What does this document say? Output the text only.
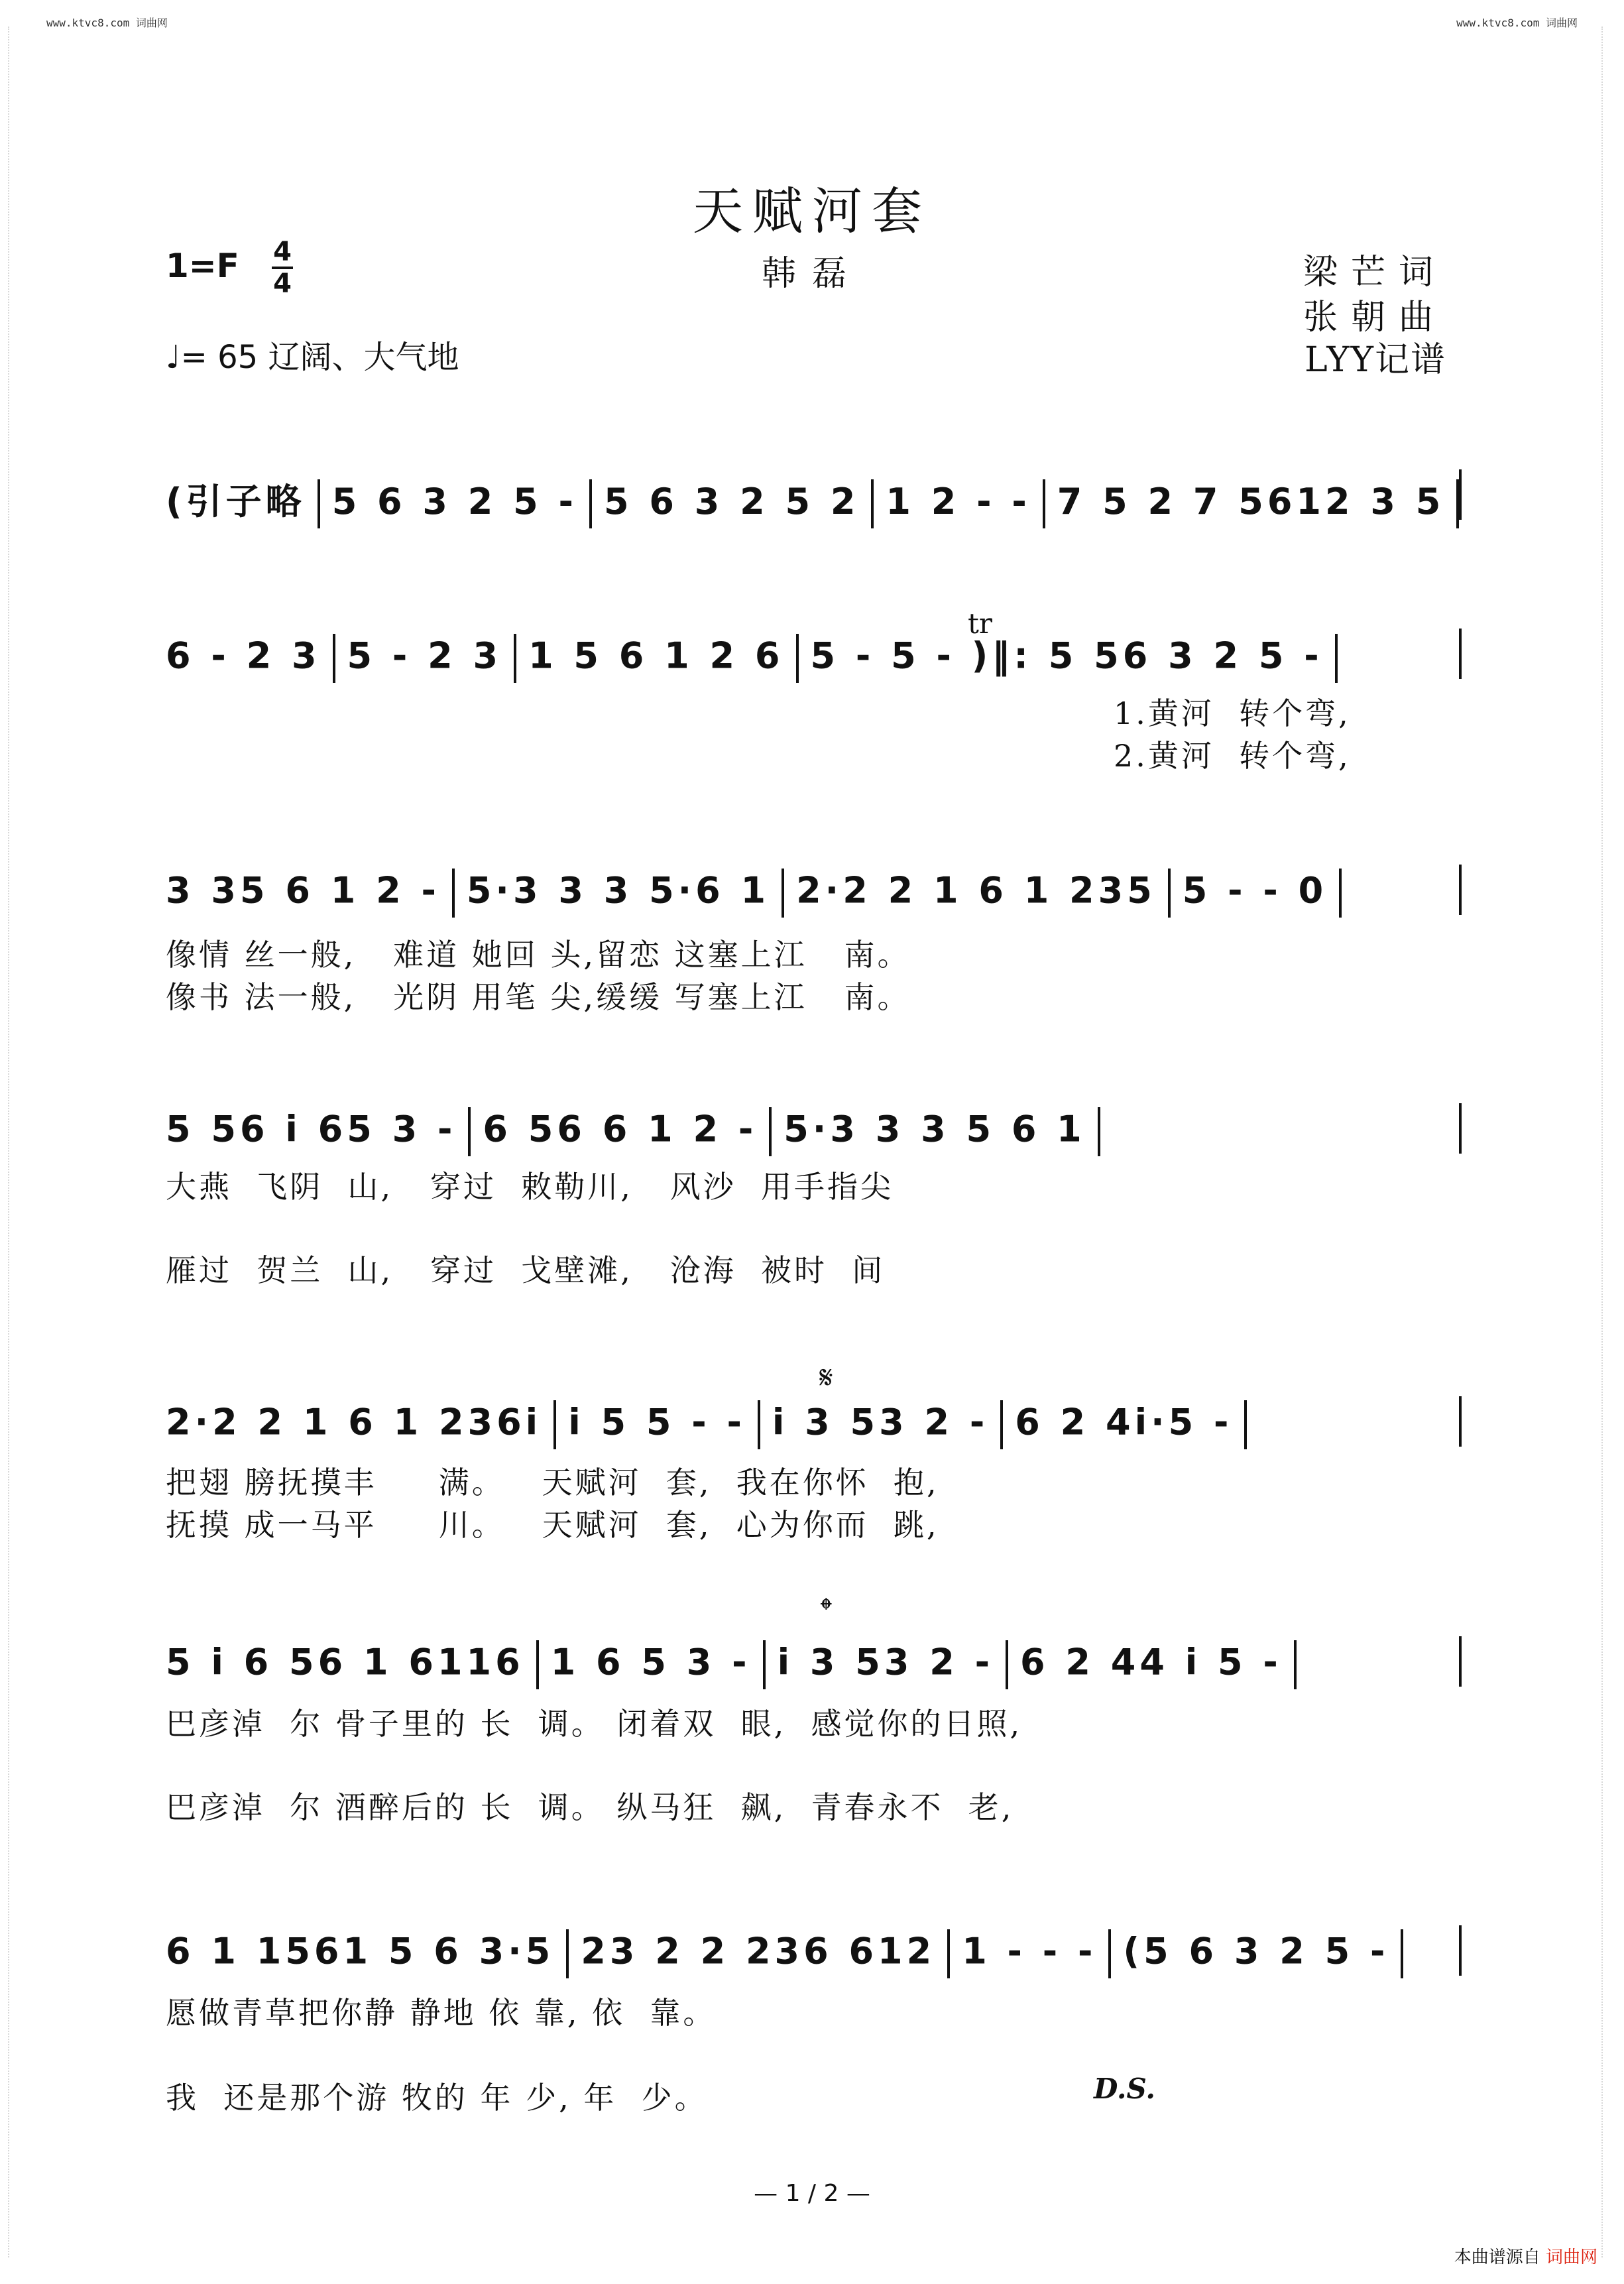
www.ktvc8.com 词曲网	www.ktvc8.com 词曲网
天赋河套
韩磊
1=F 4
4
♩= 65 辽阔、大气地
梁芒词
张朝曲
LYY记谱
(引子略 5 6 3 2 5 - 5 6 3 2 5 2 1 2 - - 7 5 2 7 5612 3 5
tr
6 - 2 3 5 - 2 3 1 5 6 1 2 6 5 - 5 - )‖: 5 56 3 2 5 -
1.黄河  转个弯,
2.黄河  转个弯,
3 35 6 1 2 - 5·3 3 3 5·6 1 2·2 2 1 6 1 235 5 - - 0
像情 丝一般,   难道 她回 头,留恋 这塞上江   南。
像书 法一般,   光阴 用笔 尖,缓缓 写塞上江   南。
5 56 i 65 3 - 6 56 6 1 2 - 5·3 3 3 5 6 1
大燕  飞阴  山,   穿过  敕勒川,   风沙  用手指尖
雁过  贺兰  山,   穿过  戈壁滩,   沧海  被时  间
𝄋
2·2 2 1 6 1 236i i 5 5 - - i 3 53 2 - 6 2 4i·5 -
把翅 膀抚摸丰     满。   天赋河  套,  我在你怀  抱,
抚摸 成一马平     川。   天赋河  套,  心为你而  跳,
𝄌
5 i 6 56 1 6116 1 6 5 3 - i 3 53 2 - 6 2 44 i 5 -
巴彦淖  尔 骨子里的 长  调。 闭着双  眼,  感觉你的日照,
巴彦淖  尔 酒醉后的 长  调。 纵马狂  飙,  青春永不  老,
6 1 1561 5 6 3·5 23 2 2 236 612 1 - - - (5 6 3 2 5 -
愿做青草把你静 静地 依 靠, 依  靠。
我  还是那个游 牧的 年 少, 年  少。	D.S.
— 1 / 2 —
本曲谱源自 词曲网
